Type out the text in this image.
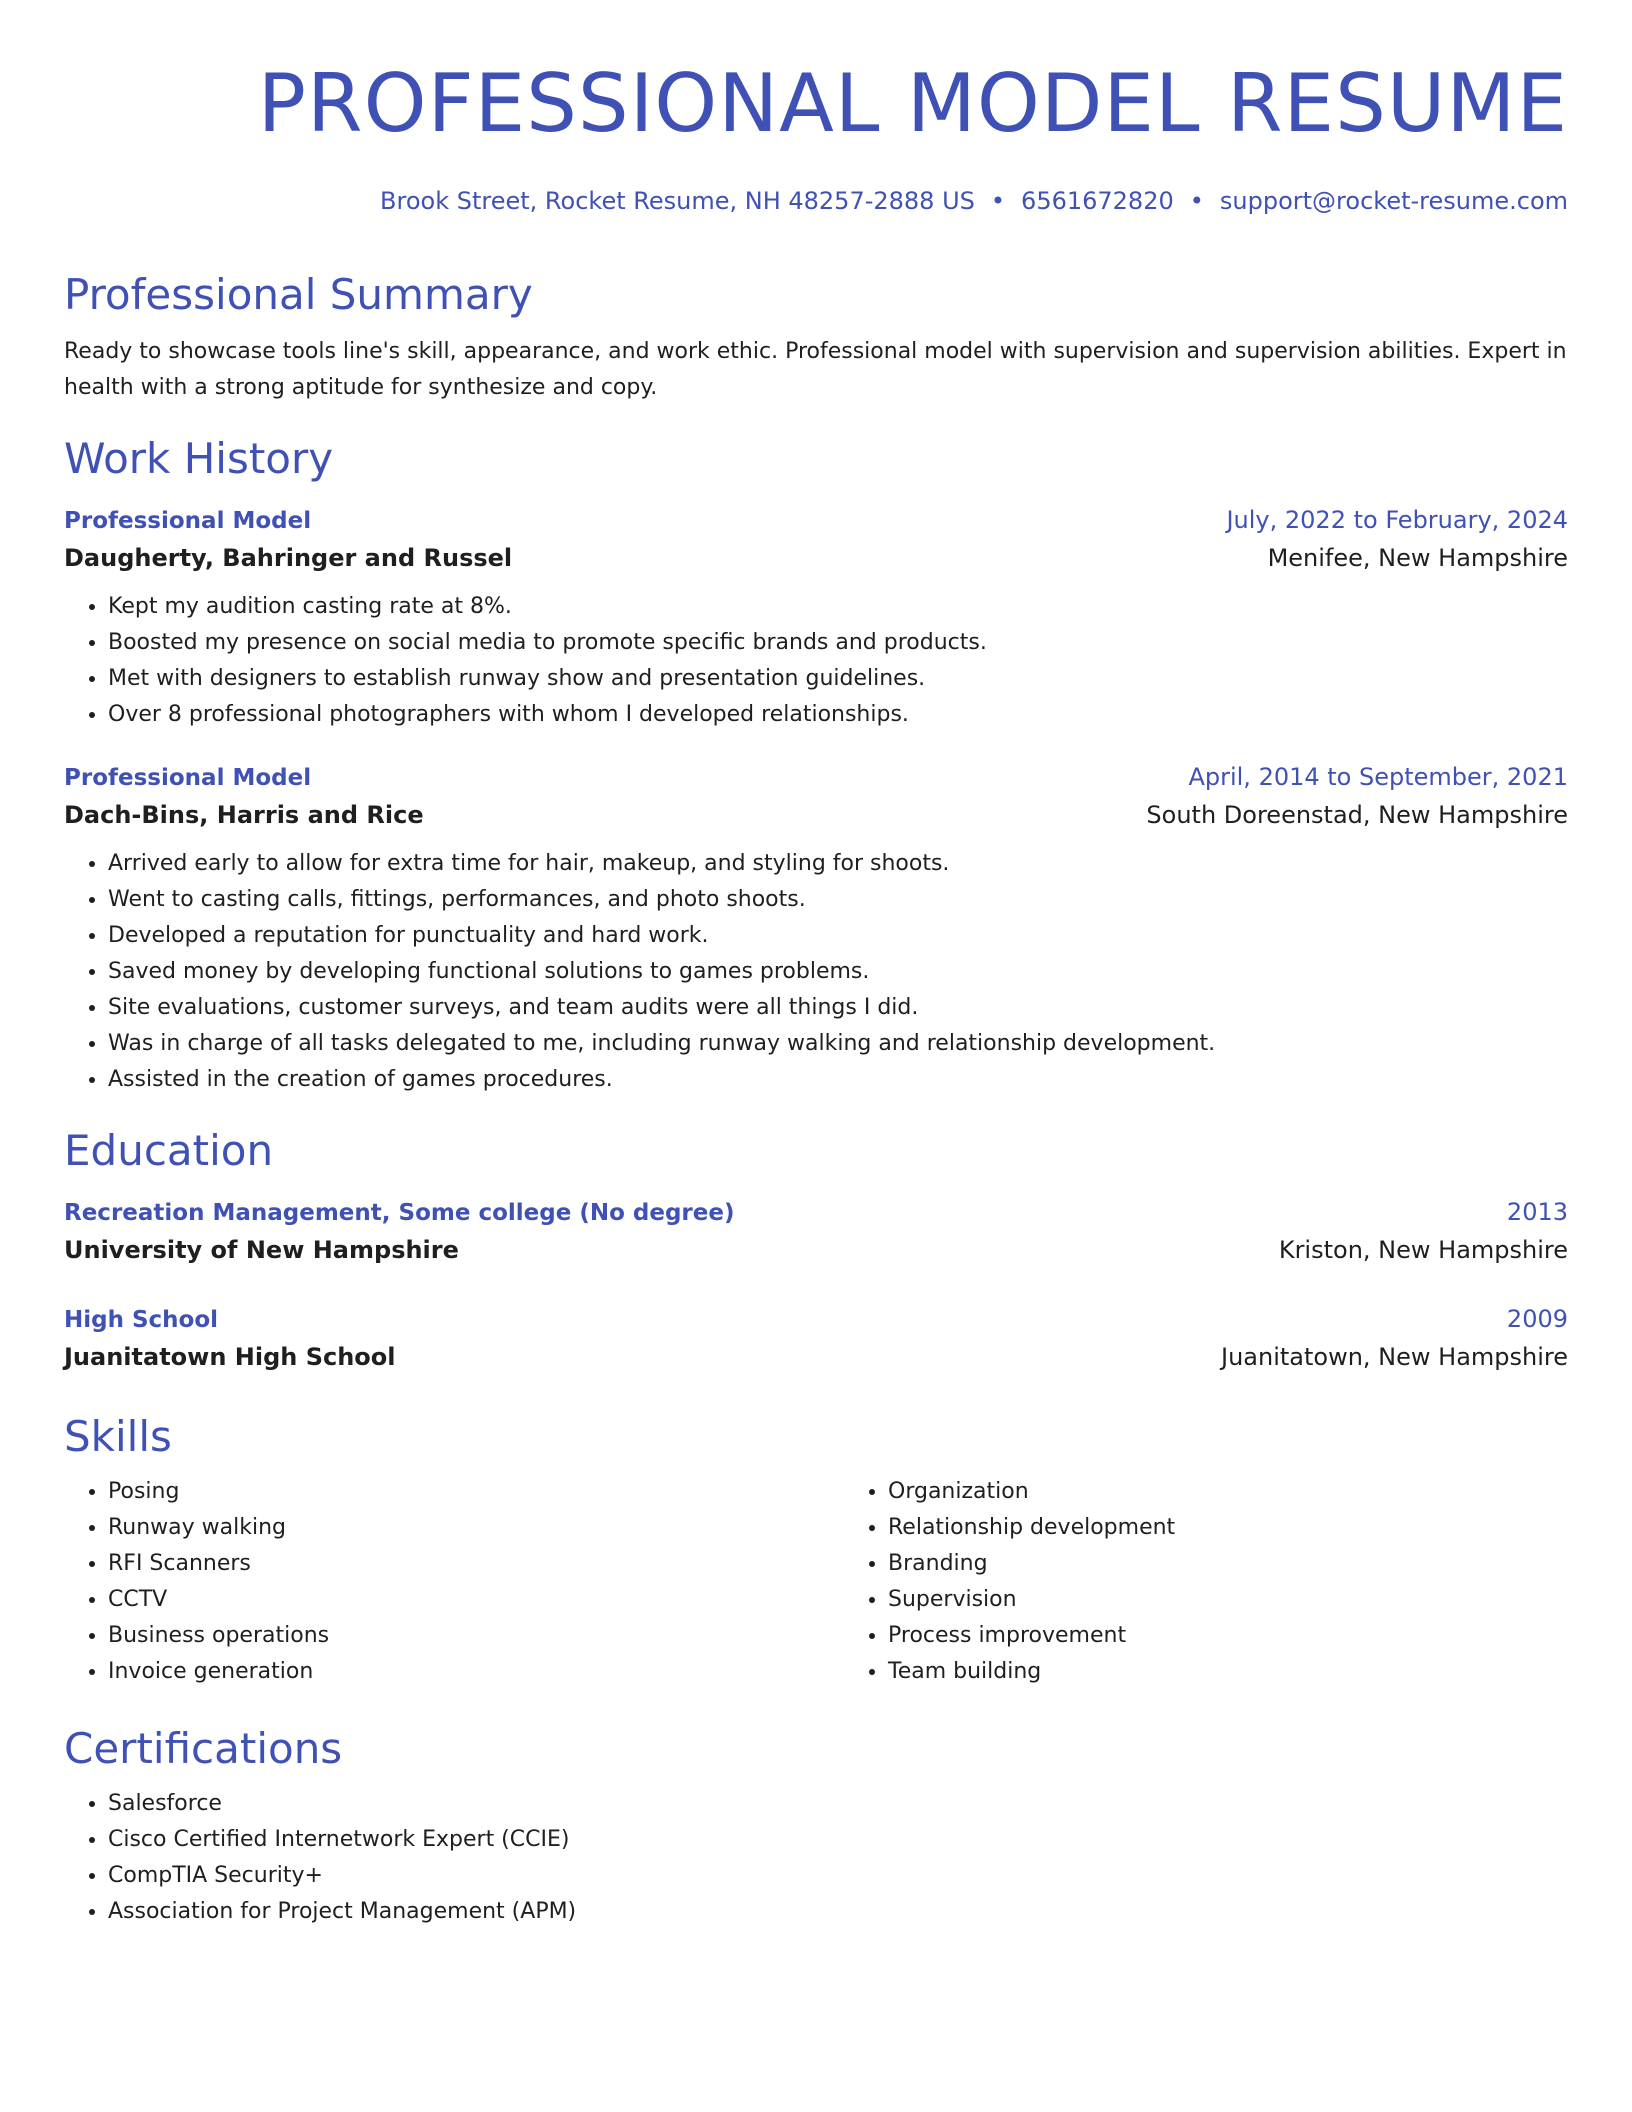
PROFESSIONAL MODEL RESUME
Brook Street, Rocket Resume, NH 48257-2888 US • 6561672820 • support@rocket-resume.com
Professional Summary
Ready to showcase tools line's skill, appearance, and work ethic. Professional model with supervision and supervision abilities. Expert in health with a strong aptitude for synthesize and copy.
Work History
Professional Model	July, 2022 to February, 2024
Daugherty, Bahringer and Russel	Menifee, New Hampshire
• Kept my audition casting rate at 8%.
• Boosted my presence on social media to promote specific brands and products.
• Met with designers to establish runway show and presentation guidelines.
• Over 8 professional photographers with whom I developed relationships.
Professional Model	April, 2014 to September, 2021
Dach-Bins, Harris and Rice	South Doreenstad, New Hampshire
• Arrived early to allow for extra time for hair, makeup, and styling for shoots.
• Went to casting calls, fittings, performances, and photo shoots.
• Developed a reputation for punctuality and hard work.
• Saved money by developing functional solutions to games problems.
• Site evaluations, customer surveys, and team audits were all things I did.
• Was in charge of all tasks delegated to me, including runway walking and relationship development.
• Assisted in the creation of games procedures.
Education
Recreation Management, Some college (No degree)	2013
University of New Hampshire	Kriston, New Hampshire
High School	2009
Juanitatown High School	Juanitatown, New Hampshire
Skills
• Posing
• Runway walking
• RFI Scanners
• CCTV
• Business operations
• Invoice generation
• Organization
• Relationship development
• Branding
• Supervision
• Process improvement
• Team building
Certifications
• Salesforce
• Cisco Certified Internetwork Expert (CCIE)
• CompTIA Security+
• Association for Project Management (APM)
